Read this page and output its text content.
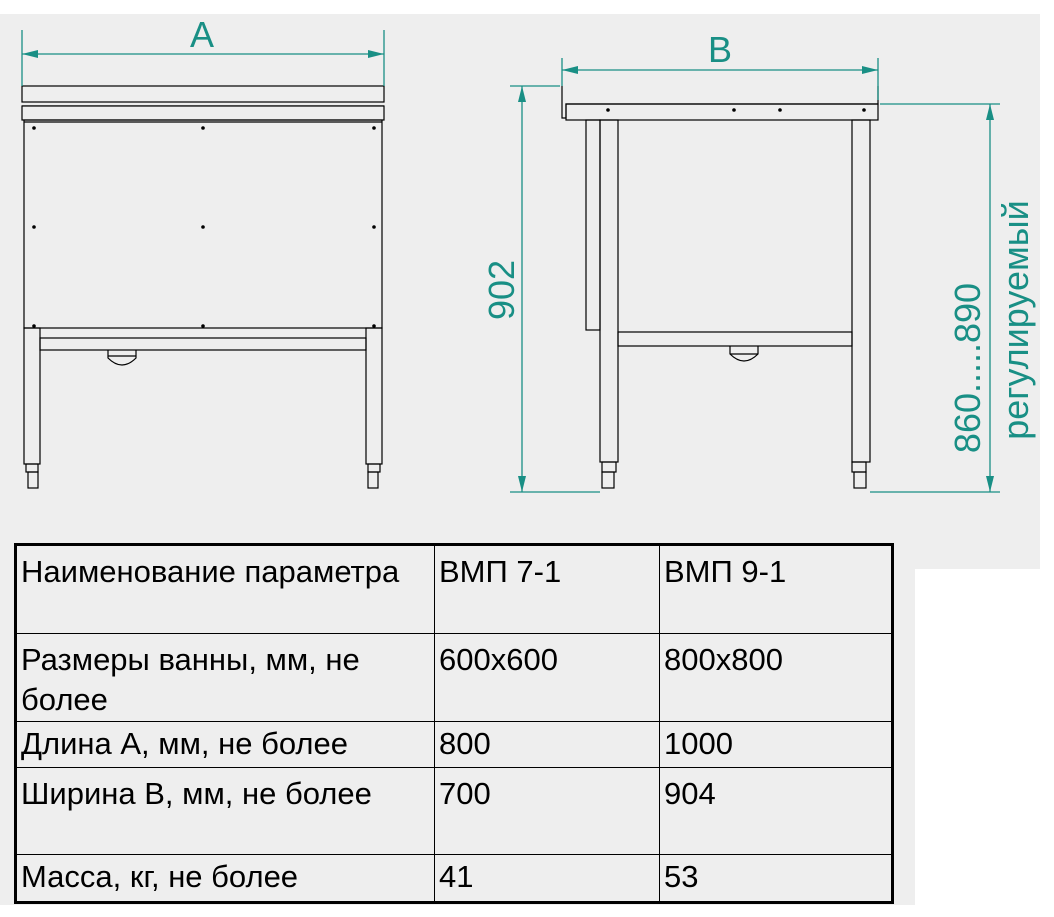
A	B
902	860.....890 регулируемый
Наименование параметра	ВМП 7-1	ВМП 9-1
Размеры ванны, мм, не более	600х600	800х800
Длина А, мм, не более	800	1000
Ширина В, мм, не более	700	904
Масса, кг, не более	41	53
